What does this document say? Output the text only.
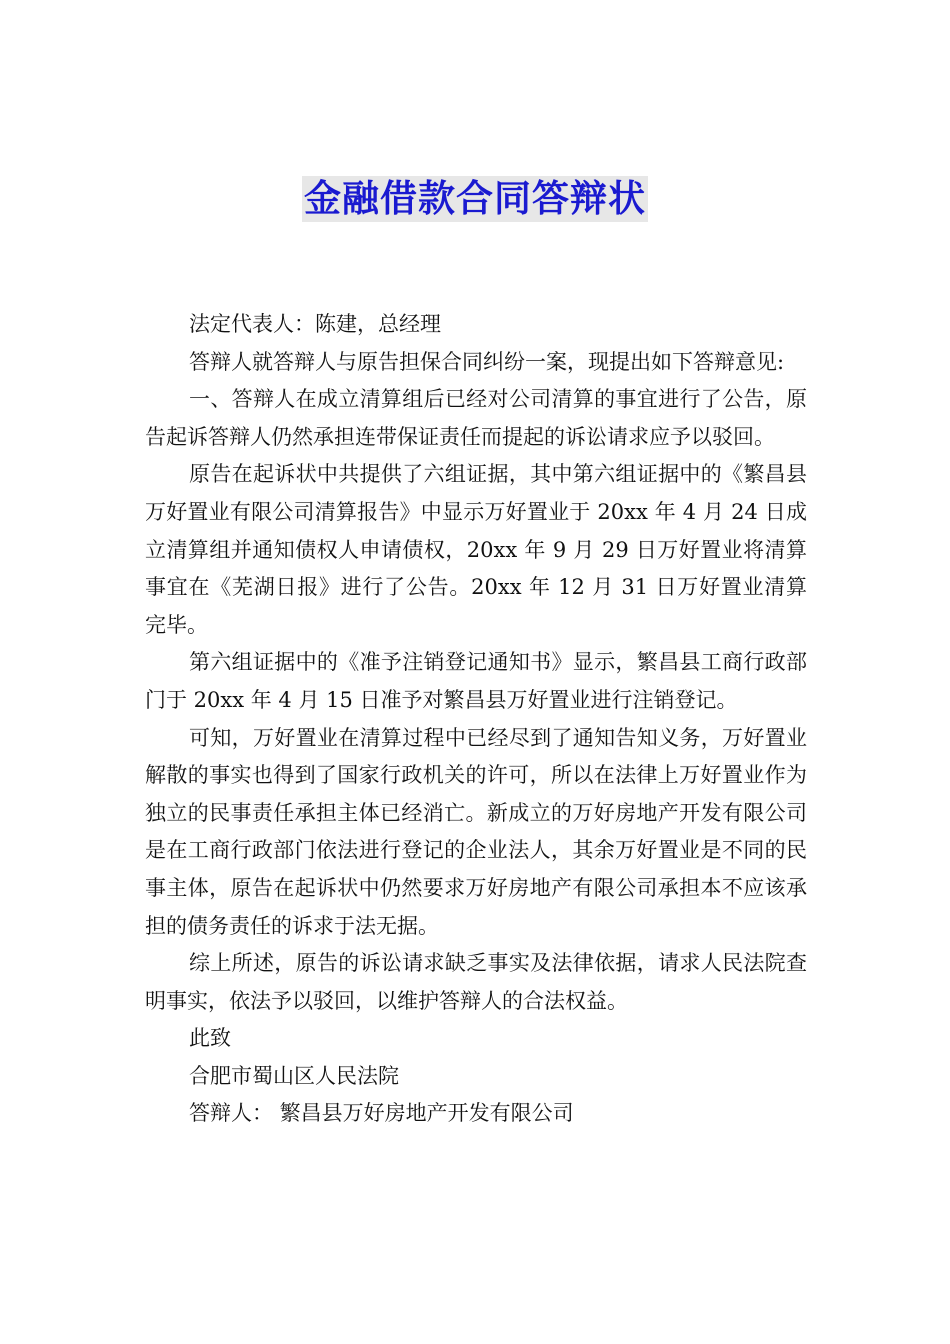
金融借款合同答辩状

法定代表人：陈建，总经理

答辩人就答辩人与原告担保合同纠纷一案，现提出如下答辩意见:

一、答辩人在成立清算组后已经对公司清算的事宜进行了公告，原告起诉答辩人仍然承担连带保证责任而提起的诉讼请求应予以驳回。

原告在起诉状中共提供了六组证据，其中第六组证据中的《繁昌县万好置业有限公司清算报告》中显示万好置业于 20xx 年 4 月 24 日成立清算组并通知债权人申请债权，20xx 年 9 月 29 日万好置业将清算事宜在《芜湖日报》进行了公告。20xx 年 12 月 31 日万好置业清算完毕。

第六组证据中的《准予注销登记通知书》显示，繁昌县工商行政部门于 20xx 年 4 月 15 日准予对繁昌县万好置业进行注销登记。

可知，万好置业在清算过程中已经尽到了通知告知义务，万好置业解散的事实也得到了国家行政机关的许可，所以在法律上万好置业作为独立的民事责任承担主体已经消亡。新成立的万好房地产开发有限公司是在工商行政部门依法进行登记的企业法人，其余万好置业是不同的民事主体，原告在起诉状中仍然要求万好房地产有限公司承担本不应该承担的债务责任的诉求于法无据。

综上所述，原告的诉讼请求缺乏事实及法律依据，请求人民法院查明事实，依法予以驳回，以维护答辩人的合法权益。

此致

合肥市蜀山区人民法院

答辩人： 繁昌县万好房地产开发有限公司
